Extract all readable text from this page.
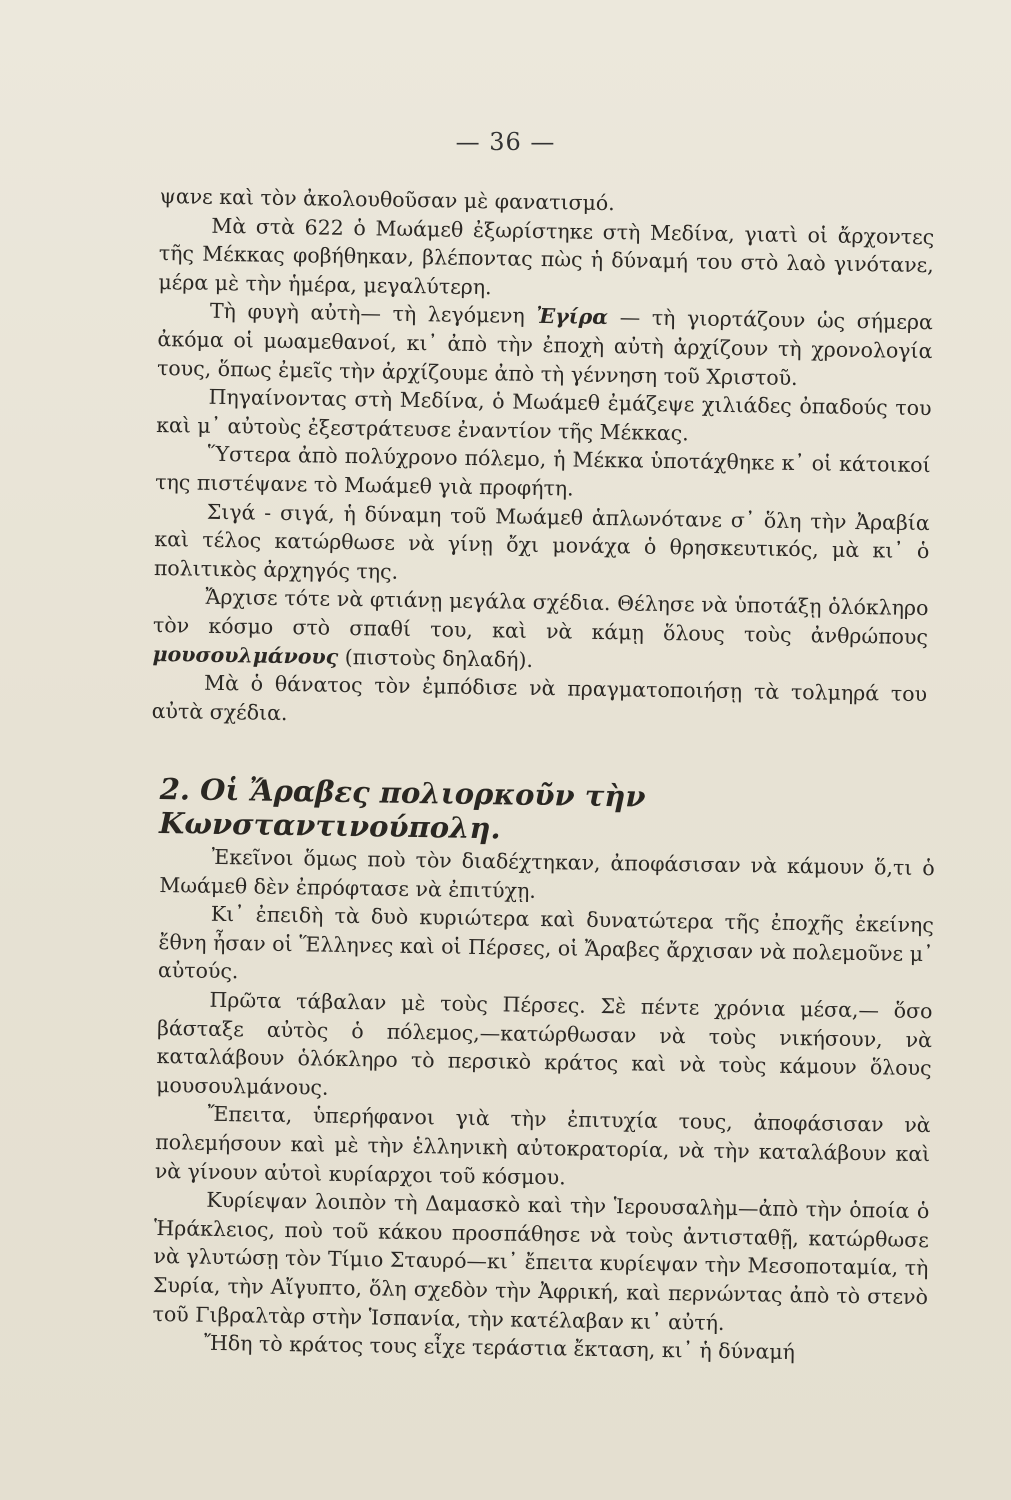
— 36 —

ψανε καὶ τὸν ἀκολουθοῦσαν μὲ φανατισμό.

Μὰ στὰ 622 ὁ Μωάμεθ ἐξωρίστηκε στὴ Μεδίνα, γιατὶ οἱ ἄρχοντες τῆς Μέκκας φοβήθηκαν, βλέποντας πὼς ἡ δύναμή του στὸ λαὸ γινότανε, μέρα μὲ τὴν ἡμέρα, μεγαλύτερη.

Τὴ φυγὴ αὐτὴ— τὴ λεγόμενη Ἐγίρα — τὴ γιορτάζουν ὡς σήμερα ἀκόμα οἱ μωαμεθανοί, κι᾿ ἀπὸ τὴν ἐποχὴ αὐτὴ ἀρχίζουν τὴ χρονολογία τους, ὅπως ἐμεῖς τὴν ἀρχίζουμε ἀπὸ τὴ γέννηση τοῦ Χριστοῦ.

Πηγαίνοντας στὴ Μεδίνα, ὁ Μωάμεθ ἐμάζεψε χιλιάδες ὀπαδούς του καὶ μ᾿ αὐτοὺς ἐξεστράτευσε ἐναντίον τῆς Μέκκας.

Ὕστερα ἀπὸ πολύχρονο πόλεμο, ἡ Μέκκα ὑποτάχθηκε κ᾿ οἱ κάτοικοί της πιστέψανε τὸ Μωάμεθ γιὰ προφήτη.

Σιγά - σιγά, ἡ δύναμη τοῦ Μωάμεθ ἁπλωνότανε σ᾿ ὅλη τὴν Ἀραβία καὶ τέλος κατώρθωσε νὰ γίνῃ ὄχι μονάχα ὁ θρησκευτικός, μὰ κι᾿ ὁ πολιτικὸς ἀρχηγός της.

Ἄρχισε τότε νὰ φτιάνῃ μεγάλα σχέδια. Θέλησε νὰ ὑποτάξῃ ὁλόκληρο τὸν κόσμο στὸ σπαθί του, καὶ νὰ κάμῃ ὅλους τοὺς ἀνθρώπους μουσουλμάνους (πιστοὺς δηλαδή).

Μὰ ὁ θάνατος τὸν ἐμπόδισε νὰ πραγματοποιήσῃ τὰ τολμηρά του αὐτὰ σχέδια.

2. Οἱ Ἄραβες πολιορκοῦν τὴν Κωνσταντινούπολη.

Ἐκεῖνοι ὅμως ποὺ τὸν διαδέχτηκαν, ἀποφάσισαν νὰ κάμουν ὅ,τι ὁ Μωάμεθ δὲν ἐπρόφτασε νὰ ἐπιτύχῃ.

Κι᾿ ἐπειδὴ τὰ δυὸ κυριώτερα καὶ δυνατώτερα τῆς ἐποχῆς ἐκείνης ἔθνη ἦσαν οἱ Ἕλληνες καὶ οἱ Πέρσες, οἱ Ἄραβες ἄρχισαν νὰ πολεμοῦνε μ᾿ αὐτούς.

Πρῶτα τάβαλαν μὲ τοὺς Πέρσες. Σὲ πέντε χρόνια μέσα,— ὅσο βάσταξε αὐτὸς ὁ πόλεμος,—κατώρθωσαν νὰ τοὺς νικήσουν, νὰ καταλάβουν ὁλόκληρο τὸ περσικὸ κράτος καὶ νὰ τοὺς κάμουν ὅλους μουσουλμάνους.

Ἔπειτα, ὑπερήφανοι γιὰ τὴν ἐπιτυχία τους, ἀποφάσισαν νὰ πολεμήσουν καὶ μὲ τὴν ἑλληνικὴ αὐτοκρατορία, νὰ τὴν καταλάβουν καὶ νὰ γίνουν αὐτοὶ κυρίαρχοι τοῦ κόσμου.

Κυρίεψαν λοιπὸν τὴ Δαμασκὸ καὶ τὴν Ἱερουσαλὴμ—ἀπὸ τὴν ὁποία ὁ Ἡράκλειος, ποὺ τοῦ κάκου προσπάθησε νὰ τοὺς ἀντισταθῇ, κατώρθωσε νὰ γλυτώσῃ τὸν Τίμιο Σταυρό—κι᾿ ἔπειτα κυρίεψαν τὴν Μεσοποταμία, τὴ Συρία, τὴν Αἴγυπτο, ὅλη σχεδὸν τὴν Ἀφρική, καὶ περνώντας ἀπὸ τὸ στενὸ τοῦ Γιβραλτὰρ στὴν Ἱσπανία, τὴν κατέλαβαν κι᾿ αὐτή.

Ἤδη τὸ κράτος τους εἶχε τεράστια ἔκταση, κι᾿ ἡ δύναμή
